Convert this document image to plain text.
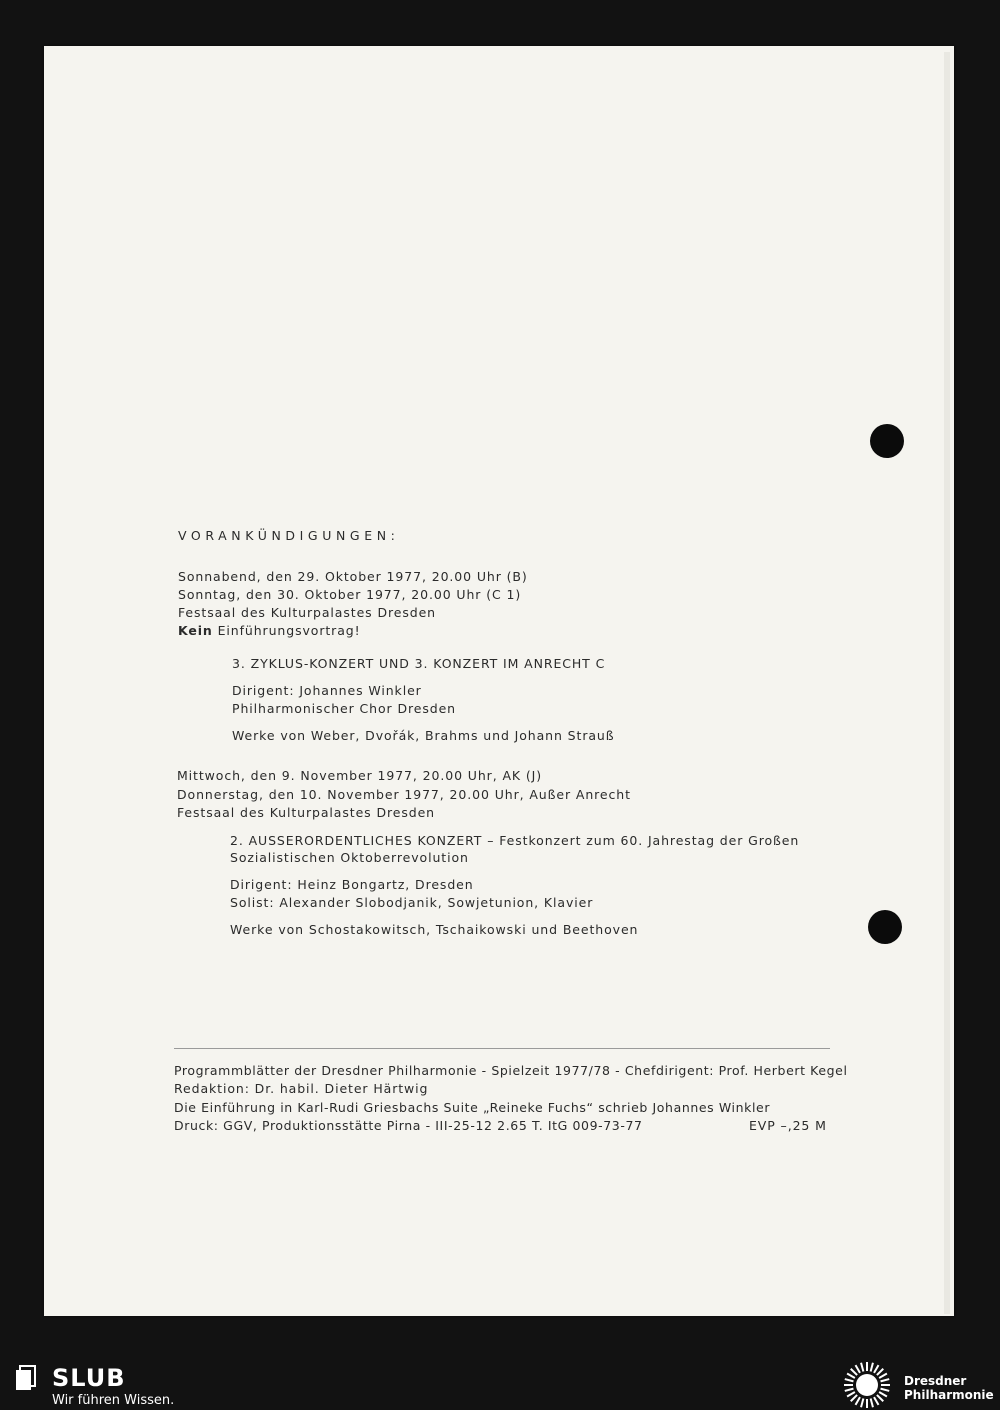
VORANKÜNDIGUNGEN:
Sonnabend, den 29. Oktober 1977, 20.00 Uhr (B)
Sonntag, den 30. Oktober 1977, 20.00 Uhr (C 1)
Festsaal des Kulturpalastes Dresden
Kein Einführungsvortrag!
3. ZYKLUS-KONZERT UND 3. KONZERT IM ANRECHT C
Dirigent: Johannes Winkler
Philharmonischer Chor Dresden
Werke von Weber, Dvořák, Brahms und Johann Strauß
Mittwoch, den 9. November 1977, 20.00 Uhr, AK (J)
Donnerstag, den 10. November 1977, 20.00 Uhr, Außer Anrecht
Festsaal des Kulturpalastes Dresden
2. AUSSERORDENTLICHES KONZERT – Festkonzert zum 60. Jahrestag der Großen
Sozialistischen Oktoberrevolution
Dirigent: Heinz Bongartz, Dresden
Solist: Alexander Slobodjanik, Sowjetunion, Klavier
Werke von Schostakowitsch, Tschaikowski und Beethoven
Programmblätter der Dresdner Philharmonie - Spielzeit 1977/78 - Chefdirigent: Prof. Herbert Kegel
Redaktion: Dr. habil. Dieter Härtwig
Die Einführung in Karl-Rudi Griesbachs Suite „Reineke Fuchs“ schrieb Johannes Winkler
Druck: GGV, Produktionsstätte Pirna - III-25-12 2.65 T. ItG 009-73-77	EVP –,25 M
SLUB
Wir führen Wissen.
Dresdner
Philharmonie
